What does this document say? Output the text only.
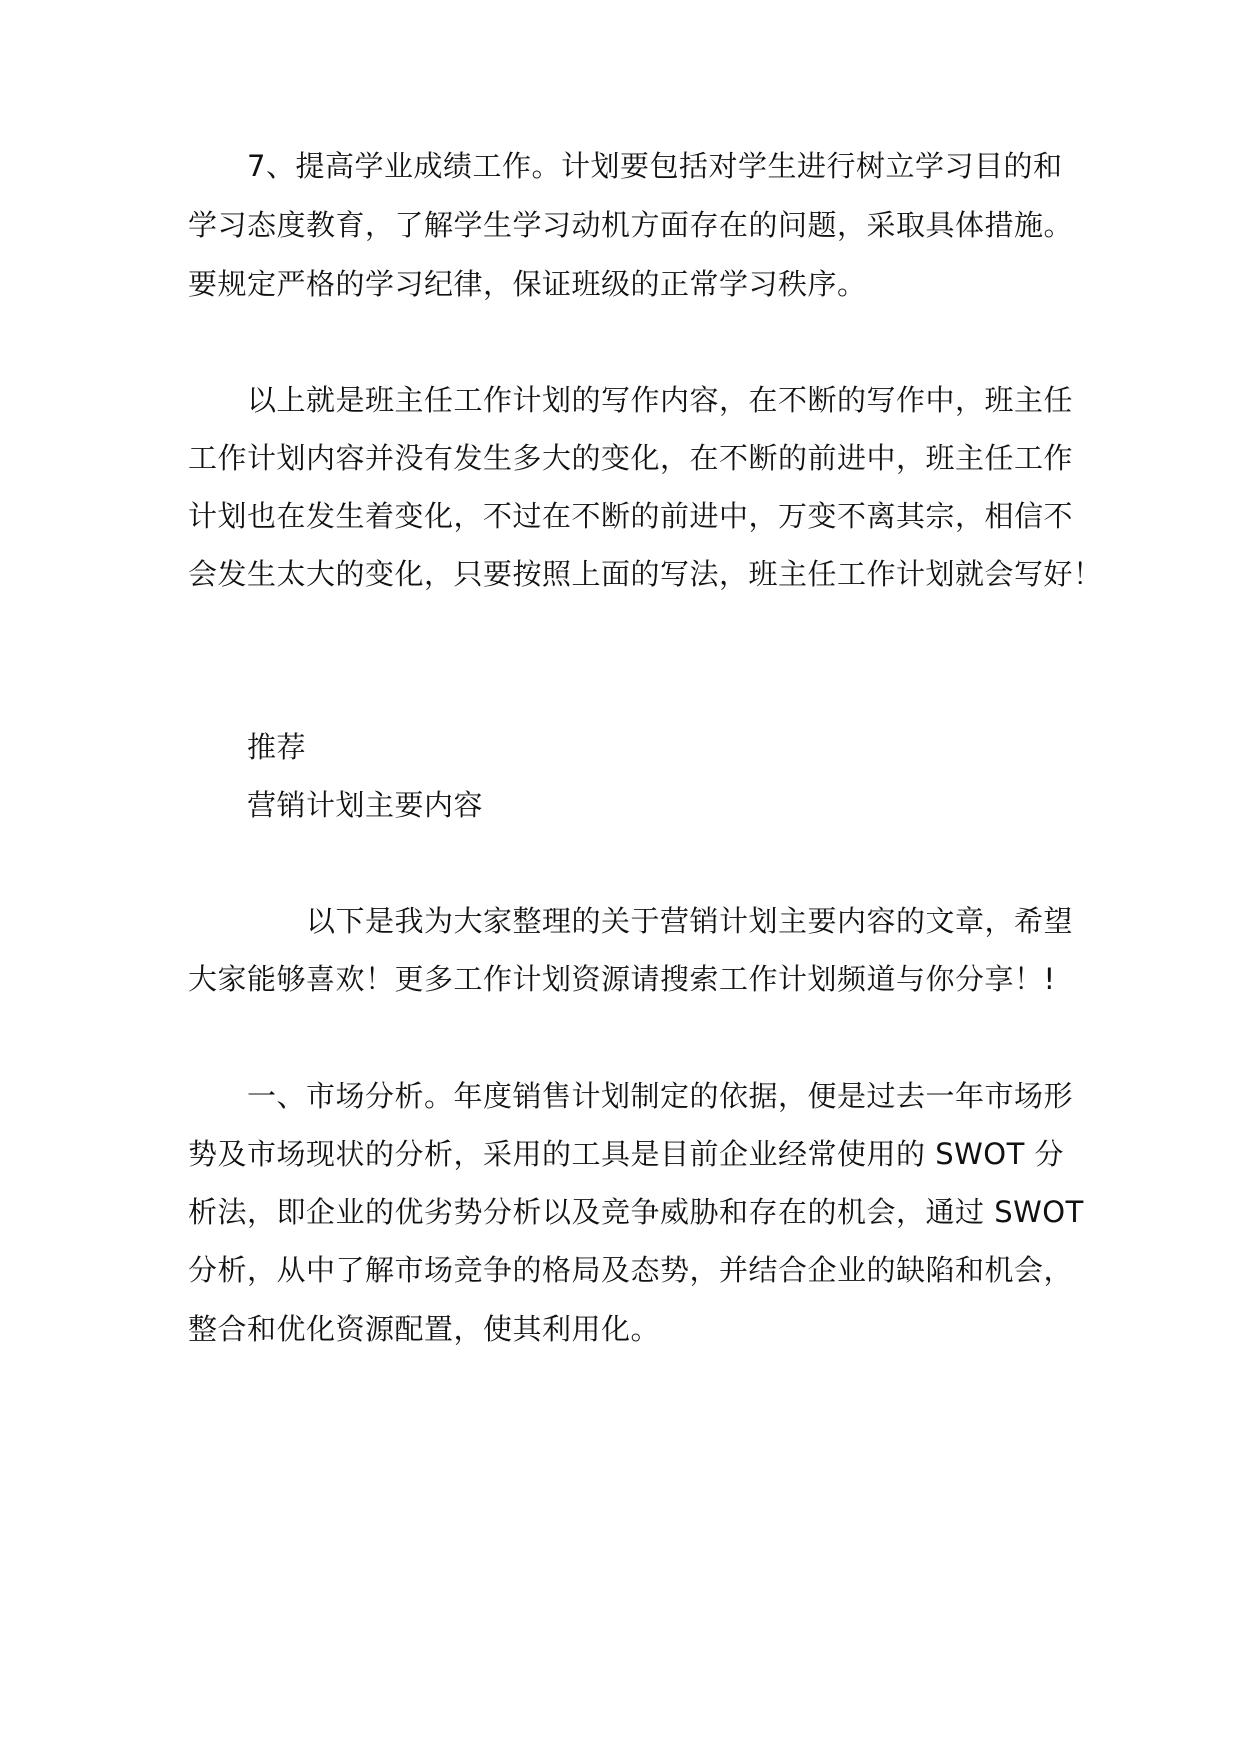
7、提高学业成绩工作。计划要包括对学生进行树立学习目的和
学习态度教育，了解学生学习动机方面存在的问题，采取具体措施。
要规定严格的学习纪律，保证班级的正常学习秩序。
以上就是班主任工作计划的写作内容，在不断的写作中，班主任
工作计划内容并没有发生多大的变化，在不断的前进中，班主任工作
计划也在发生着变化，不过在不断的前进中，万变不离其宗，相信不
会发生太大的变化，只要按照上面的写法，班主任工作计划就会写好！
推荐
营销计划主要内容
以下是我为大家整理的关于营销计划主要内容的文章，希望
大家能够喜欢！更多工作计划资源请搜索工作计划频道与你分享！!
一、市场分析。年度销售计划制定的依据，便是过去一年市场形
势及市场现状的分析，采用的工具是目前企业经常使用的 SWOT 分
析法，即企业的优劣势分析以及竞争威胁和存在的机会，通过 SWOT
分析，从中了解市场竞争的格局及态势，并结合企业的缺陷和机会，
整合和优化资源配置，使其利用化。
